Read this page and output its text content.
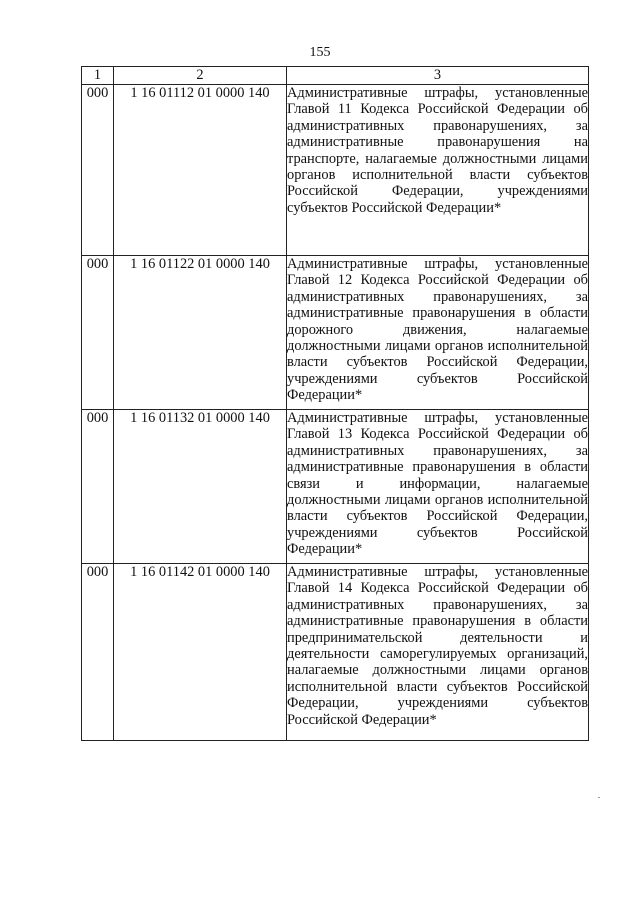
155
1	2	3
000	1 16 01112 01 0000 140	Административные штрафы, установленные Главой 11 Кодекса Российской Федерации об административных правонарушениях, за административные правонарушения на транспорте, налагаемые должностными лицами органов исполнительной власти субъектов Российской Федерации, учреждениями субъектов Российской Федерации*
000	1 16 01122 01 0000 140	Административные штрафы, установленные Главой 12 Кодекса Российской Федерации об административных правонарушениях, за административные правонарушения в области дорожного движения, налагаемые должностными лицами органов исполнительной власти субъектов Российской Федерации, учреждениями субъектов Российской Федерации*
000	1 16 01132 01 0000 140	Административные штрафы, установленные Главой 13 Кодекса Российской Федерации об административных правонарушениях, за административные правонарушения в области связи и информации, налагаемые должностными лицами органов исполнительной власти субъектов Российской Федерации, учреждениями субъектов Российской Федерации*
000	1 16 01142 01 0000 140	Административные штрафы, установленные Главой 14 Кодекса Российской Федерации об административных правонарушениях, за административные правонарушения в области предпринимательской деятельности и деятельности саморегулируемых организаций, налагаемые должностными лицами органов исполнительной власти субъектов Российской Федерации, учреждениями субъектов Российской Федерации*
